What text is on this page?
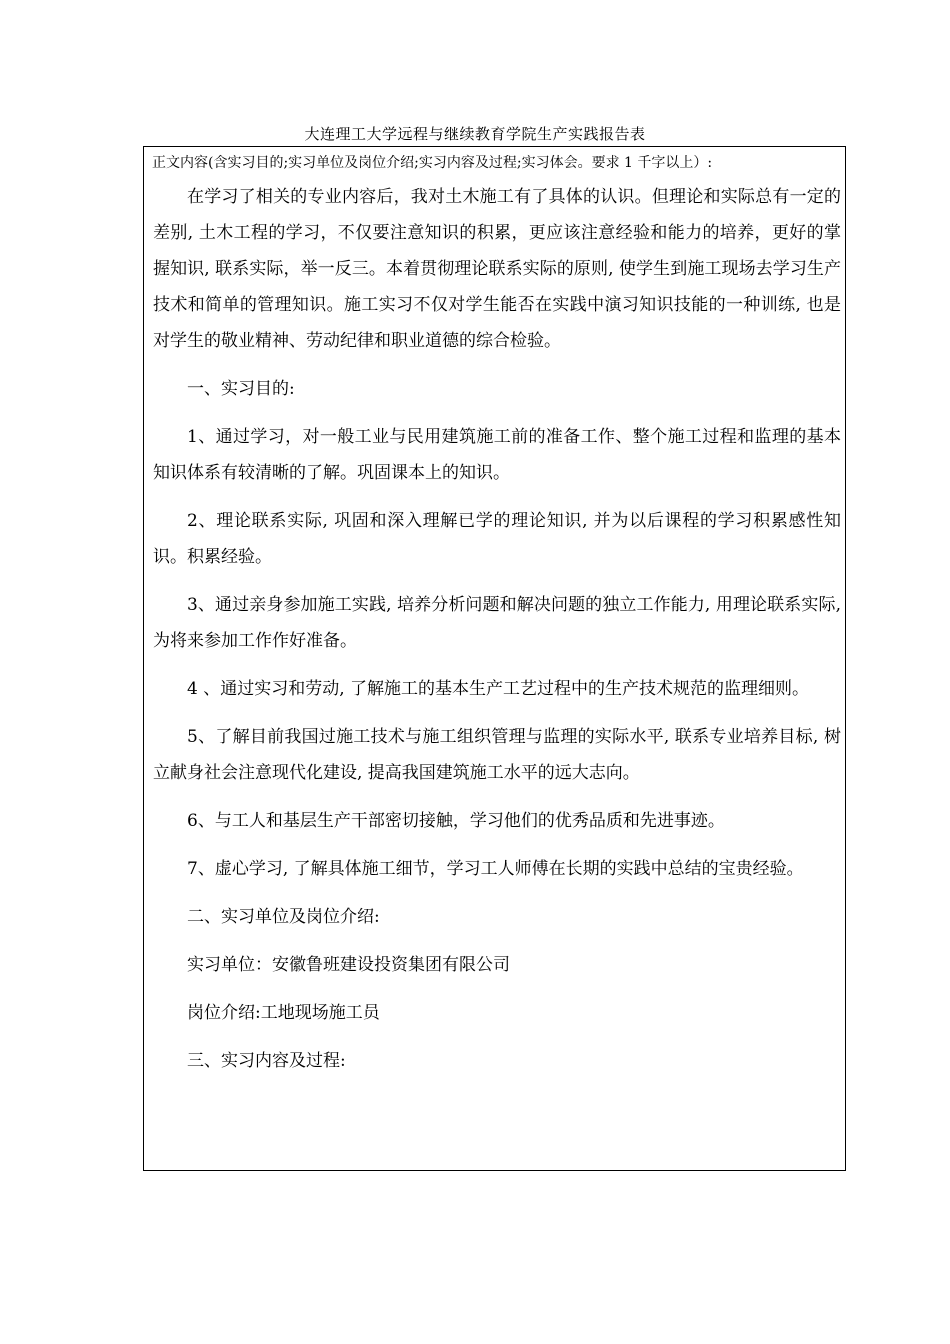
大连理工大学远程与继续教育学院生产实践报告表
正文内容(含实习目的;实习单位及岗位介绍;实习内容及过程;实习体会。要求 1 千字以上）:

在学习了相关的专业内容后，我对土木施工有了具体的认识。但理论和实际总有一定的差别, 土木工程的学习，不仅要注意知识的积累，更应该注意经验和能力的培养，更好的掌握知识, 联系实际，举一反三。本着贯彻理论联系实际的原则, 使学生到施工现场去学习生产技术和简单的管理知识。施工实习不仅对学生能否在实践中演习知识技能的一种训练, 也是对学生的敬业精神、劳动纪律和职业道德的综合检验。

一、实习目的:

1、通过学习，对一般工业与民用建筑施工前的准备工作、整个施工过程和监理的基本知识体系有较清晰的了解。巩固课本上的知识。

2、理论联系实际, 巩固和深入理解已学的理论知识, 并为以后课程的学习积累感性知识。积累经验。

3、通过亲身参加施工实践, 培养分析问题和解决问题的独立工作能力, 用理论联系实际, 为将来参加工作作好准备。

4 、通过实习和劳动, 了解施工的基本生产工艺过程中的生产技术规范的监理细则。

5、了解目前我国过施工技术与施工组织管理与监理的实际水平, 联系专业培养目标, 树立献身社会注意现代化建设, 提高我国建筑施工水平的远大志向。

6、与工人和基层生产干部密切接触，学习他们的优秀品质和先进事迹。

7、虚心学习, 了解具体施工细节，学习工人师傅在长期的实践中总结的宝贵经验。

二、实习单位及岗位介绍:

实习单位：安徽鲁班建设投资集团有限公司

岗位介绍:工地现场施工员

三、实习内容及过程:
